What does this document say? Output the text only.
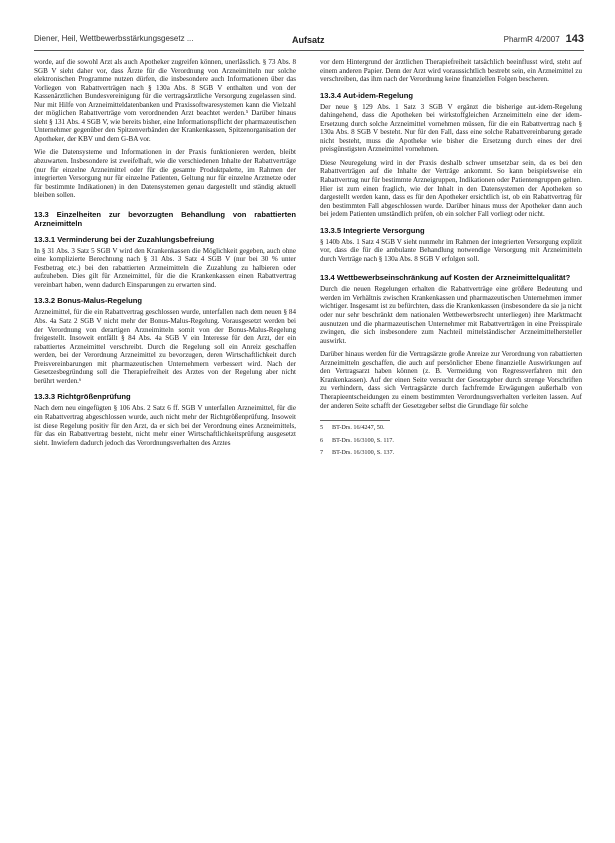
Diener, Heil, Wettbewerbsstärkungsgesetz ...	Aufsatz	PharmR 4/2007 143

worde, auf die sowohl Arzt als auch Apotheker zugreifen können, unerlässlich. § 73 Abs. 8 SGB V sieht daher vor, dass Ärzte für die Verordnung von Arzneimitteln nur solche elektronischen Programme nutzen dürfen, die insbesondere auch Informationen über das Vorliegen von Rabattverträgen nach § 130a Abs. 8 SGB V enthalten und von der Kassenärztlichen Bundesvereinigung für die vertragsärztliche Versorgung zugelassen sind. Nur mit Hilfe von Arzneimitteldatenbanken und Praxissoftwaresystemen kann die Vielzahl der möglichen Rabattverträge vom verordnenden Arzt beachtet werden.⁵ Darüber hinaus sieht § 131 Abs. 4 SGB V, wie bereits bisher, eine Informationspflicht der pharmazeutischen Unternehmer gegenüber den Spitzenverbänden der Krankenkassen, Spitzenorganisation der Apotheker, der KBV und dem G-BA vor.

Wie die Datensysteme und Informationen in der Praxis funktionieren werden, bleibt abzuwarten. Insbesondere ist zweifelhaft, wie die verschiedenen Inhalte der Rabattverträge (nur für einzelne Arzneimittel oder für die gesamte Produktpalette, im Rahmen der integrierten Versorgung nur für einzelne Patienten, Geltung nur für einzelne Arztnetze oder für bestimmte Indikationen) in den Datensystemen genau dargestellt und ständig aktuell bleiben sollen.

13.3 Einzelheiten zur bevorzugten Behandlung von rabattierten Arzneimitteln
13.3.1 Verminderung bei der Zuzahlungsbefreiung

In § 31 Abs. 3 Satz 5 SGB V wird den Krankenkassen die Möglichkeit gegeben, auch ohne eine komplizierte Berechnung nach § 31 Abs. 3 Satz 4 SGB V (nur bei 30 % unter Festbetrag etc.) bei den rabattierten Arzneimitteln die Zuzahlung zu halbieren oder aufzuheben. Dies gilt für Arzneimittel, für die die Krankenkassen einen Rabattvertrag vereinbart haben, wenn dadurch Einsparungen zu erwarten sind.

13.3.2 Bonus-Malus-Regelung

Arzneimittel, für die ein Rabattvertrag geschlossen wurde, unterfallen nach dem neuen § 84 Abs. 4a Satz 2 SGB V nicht mehr der Bonus-Malus-Regelung. Vorausgesetzt werden bei der Verordnung von derartigen Arzneimitteln somit von der Bonus-Malus-Regelung freigestellt. Insoweit entfällt § 84 Abs. 4a SGB V ein Interesse für den Arzt, der ein rabattiertes Arzneimittel verschreibt. Durch die Regelung soll ein Anreiz geschaffen werden, bei der Verordnung Arzneimittel zu bevorzugen, deren Wirtschaftlichkeit durch Preisvereinbarungen mit pharmazeutischen Unternehmern verbessert wird. Nach der Gesetzesbegründung soll die Therapiefreiheit des Arztes von der Regelung aber nicht berührt werden.⁶

13.3.3 Richtgrößenprüfung

Nach dem neu eingefügten § 106 Abs. 2 Satz 6 ff. SGB V unterfallen Arzneimittel, für die ein Rabattvertrag abgeschlossen wurde, auch nicht mehr der Richtgrößenprüfung. Insoweit ist diese Regelung positiv für den Arzt, da er sich bei der Verordnung eines Arzneimittels, für das ein Rabattvertrag besteht, nicht mehr einer Wirtschaftlichkeitsprüfung ausgesetzt sieht. Inwiefern dadurch jedoch das Verordnungsverhalten des Arztes

vor dem Hintergrund der ärztlichen Therapiefreiheit tatsächlich beeinflusst wird, steht auf einem anderen Papier. Denn der Arzt wird voraussichtlich bestrebt sein, ein Arzneimittel zu verschreiben, das ihm nach der Verordnung keine finanziellen Folgen bescheren.

13.3.4 Aut-idem-Regelung

Der neue § 129 Abs. 1 Satz 3 SGB V ergänzt die bisherige aut-idem-Regelung dahingehend, dass die Apotheken bei wirkstoffgleichen Arzneimitteln eine der idem-Ersetzung durch solche Arzneimittel vornehmen müssen, für die ein Rabattvertrag nach § 130a Abs. 8 SGB V besteht. Nur für den Fall, dass eine solche Rabattvereinbarung gerade nicht besteht, muss die Apotheke wie bisher die Ersetzung durch eines der drei preisgünstigsten Arzneimittel vornehmen.

Diese Neuregelung wird in der Praxis deshalb schwer umsetzbar sein, da es bei den Rabattverträgen auf die Inhalte der Verträge ankommt. So kann beispielsweise ein Rabattvertrag nur für bestimmte Arzneigruppen, Indikationen oder Patientengruppen gelten. Hier ist zum einen fraglich, wie der Inhalt in den Datensystemen der Apotheken so dargestellt werden kann, dass es für den Apotheker ersichtlich ist, ob ein Rabattvertrag für den bestimmten Fall abgeschlossen wurde. Darüber hinaus muss der Apotheker dann auch bei jedem Patienten umständlich prüfen, ob ein solcher Fall vorliegt oder nicht.

13.3.5 Integrierte Versorgung

§ 140b Abs. 1 Satz 4 SGB V sieht nunmehr im Rahmen der integrierten Versorgung explizit vor, dass die für die ambulante Behandlung notwendige Versorgung mit Arzneimitteln durch Verträge nach § 130a Abs. 8 SGB V erfolgen soll.

13.4 Wettbewerbseinschränkung auf Kosten der Arzneimittelqualität?

Durch die neuen Regelungen erhalten die Rabattverträge eine größere Bedeutung und werden im Verhältnis zwischen Krankenkassen und pharmazeutischen Unternehmen immer wichtiger. Insgesamt ist zu befürchten, dass die Krankenkassen (insbesondere da sie ja nicht oder nur sehr beschränkt dem nationalen Wettbewerbsrecht unterliegen) ihre Marktmacht ausnutzen und die pharmazeutischen Unternehmer mit Rabattverträgen in eine Preisspirale zwingen, die sich insbesondere zum Nachteil mittelständischer Arzneimittelhersteller auswirkt.

Darüber hinaus werden für die Vertragsärzte große Anreize zur Verordnung von rabattierten Arzneimitteln geschaffen, die auch auf persönlicher Ebene finanzielle Auswirkungen auf den Vertragsarzt haben können (z. B. Vermeidung von Regressverfahren mit den Krankenkassen). Auf der einen Seite versucht der Gesetzgeber durch strenge Vorschriften zu verhindern, dass sich Vertragsärzte durch fachfremde Erwägungen außerhalb von Therapieentscheidungen zu einem bestimmten Verordnungsverhalten verleiten lassen. Auf der anderen Seite schafft der Gesetzgeber selbst die Grundlage für solche

5 BT-Drs. 16/4247, 50.

6 BT-Drs. 16/3100, S. 117.

7 BT-Drs. 16/3100, S. 137.
